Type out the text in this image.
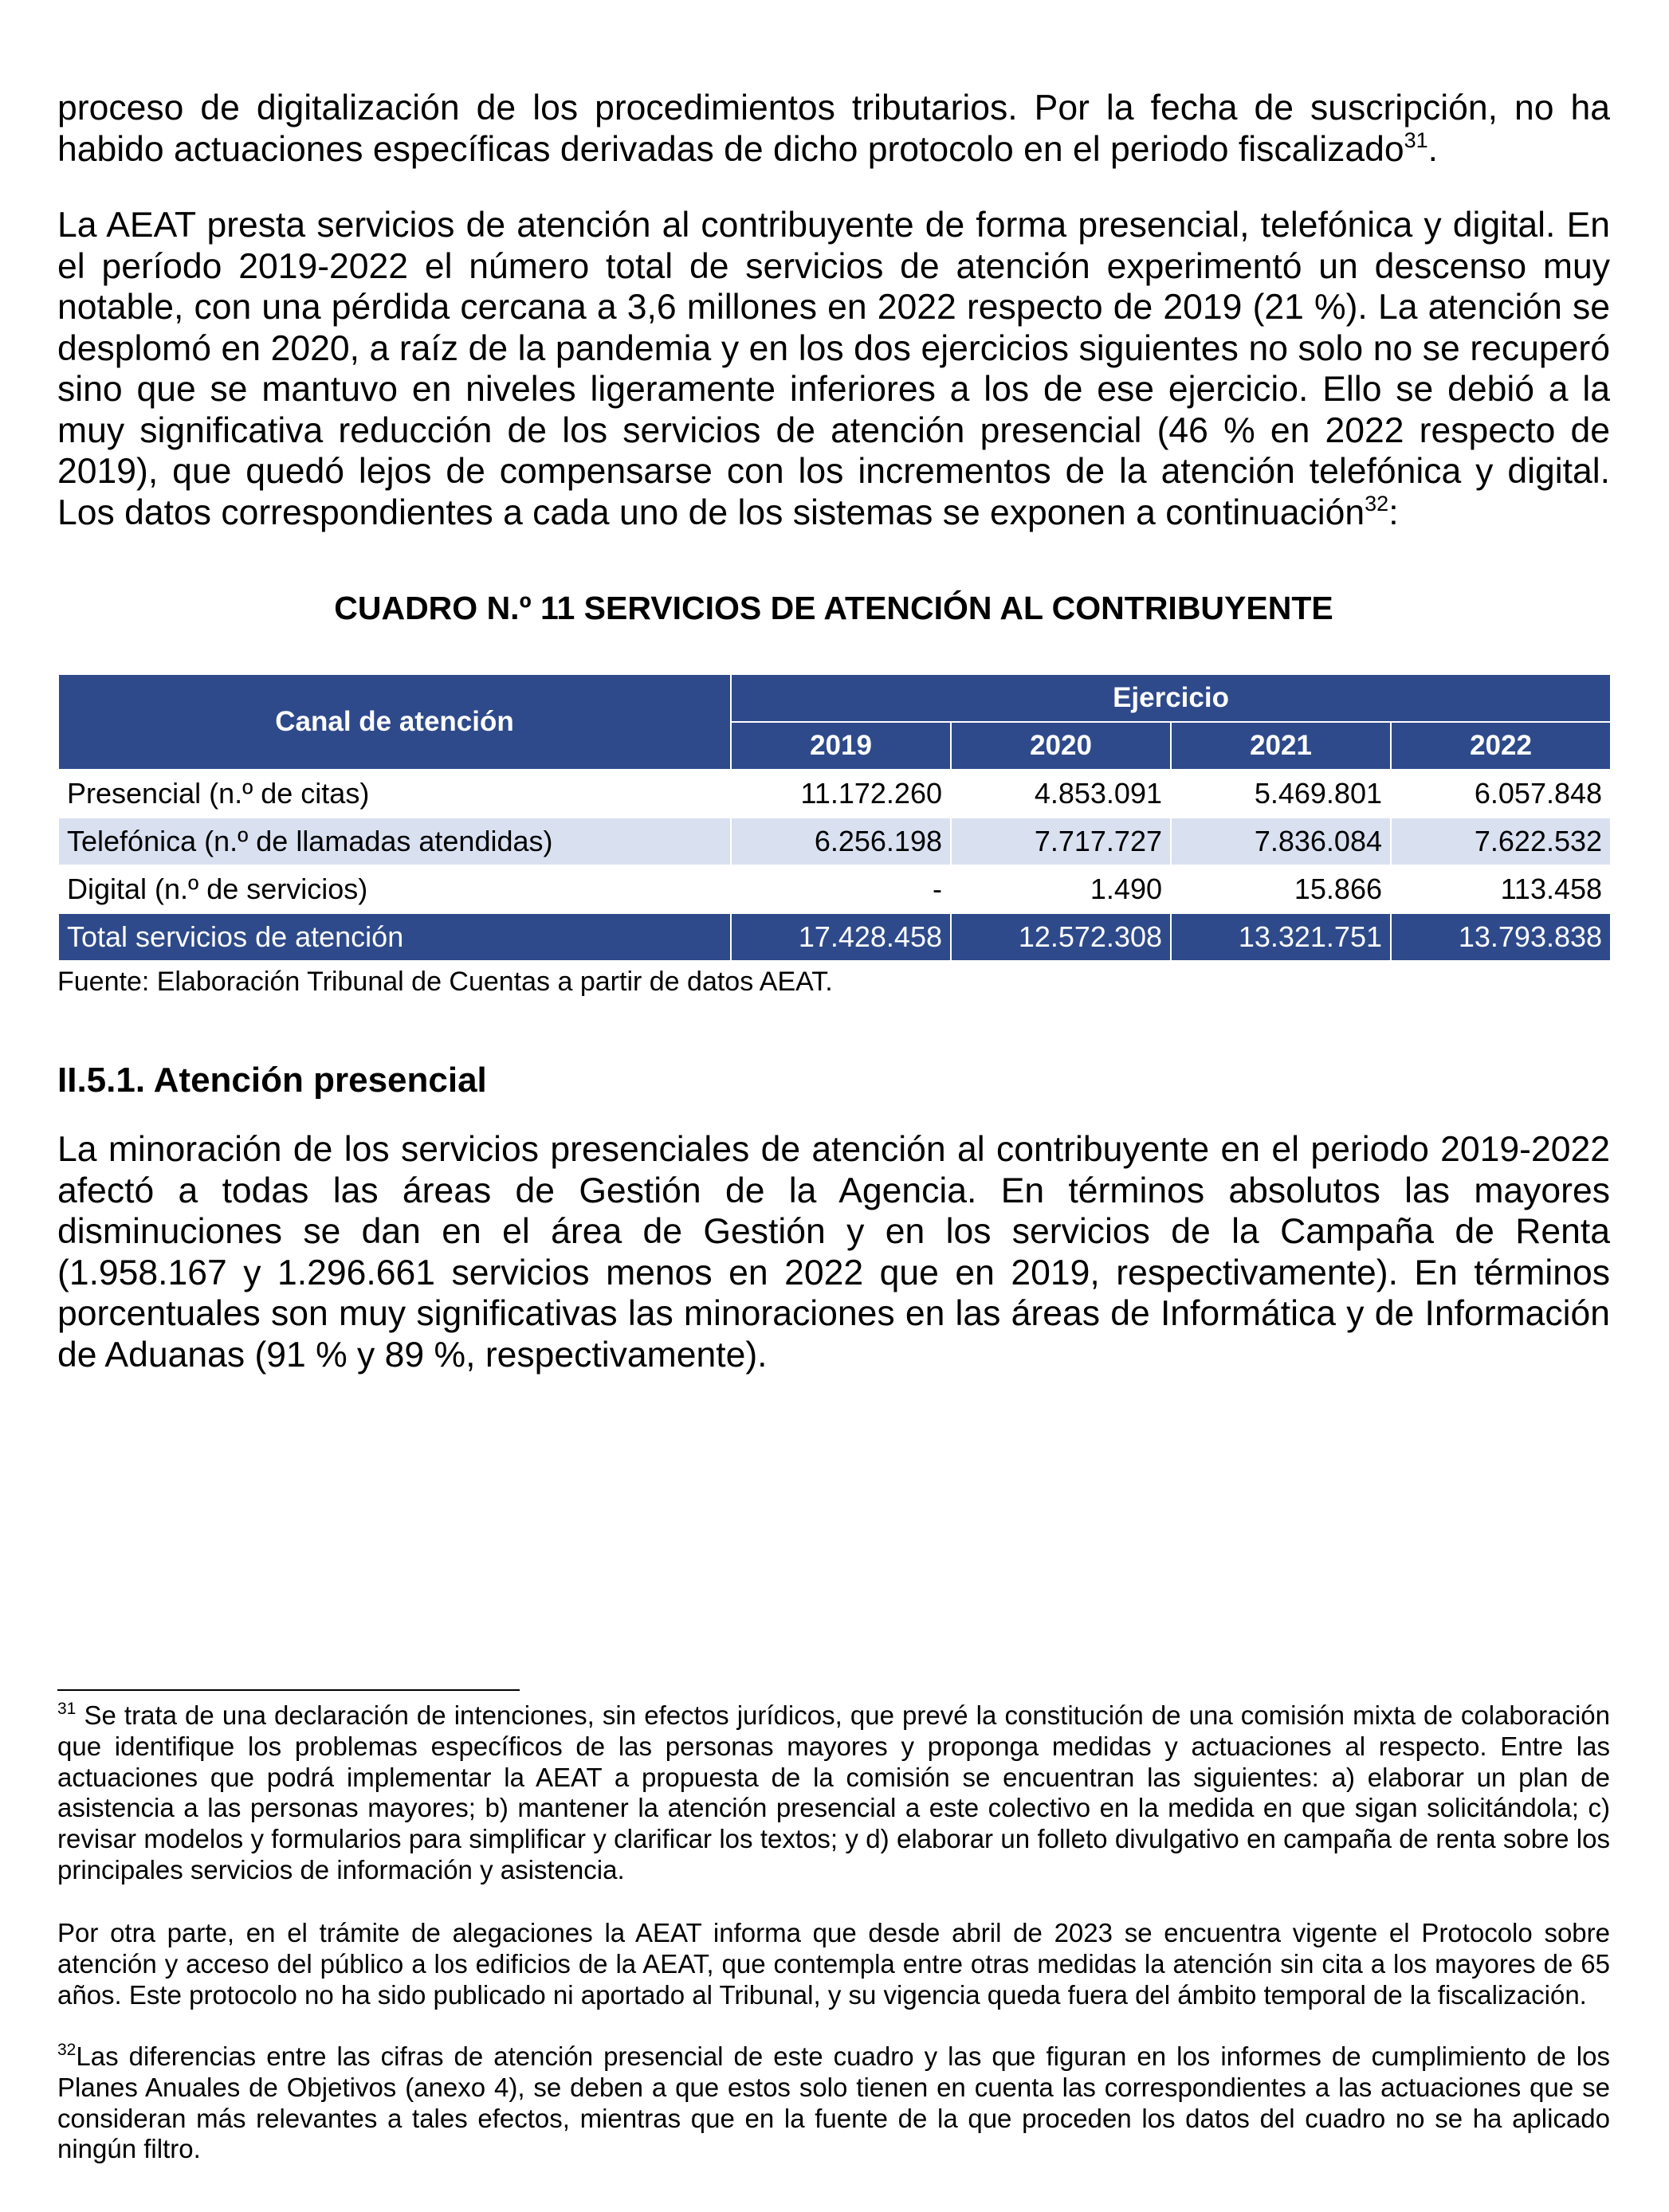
proceso de digitalización de los procedimientos tributarios. Por la fecha de suscripción, no ha habido actuaciones específicas derivadas de dicho protocolo en el periodo fiscalizado$^{31}$.

La AEAT presta servicios de atención al contribuyente de forma presencial, telefónica y digital. En el período 2019-2022 el número total de servicios de atención experimentó un descenso muy notable, con una pérdida cercana a 3,6 millones en 2022 respecto de 2019 (21 %). La atención se desplomó en 2020, a raíz de la pandemia y en los dos ejercicios siguientes no solo no se recuperó sino que se mantuvo en niveles ligeramente inferiores a los de ese ejercicio. Ello se debió a la muy significativa reducción de los servicios de atención presencial (46 % en 2022 respecto de 2019), que quedó lejos de compensarse con los incrementos de la atención telefónica y digital. Los datos correspondientes a cada uno de los sistemas se exponen a continuación$^{32}$:

CUADRO N.º 11 SERVICIOS DE ATENCIÓN AL CONTRIBUYENTE
Canal de atención	Ejercicio			
	2019	2020	2021	2022
Presencial (n.º de citas)	11.172.260	4.853.091	5.469.801	6.057.848
Telefónica (n.º de llamadas atendidas)	6.256.198	7.717.727	7.836.084	7.622.532
Digital (n.º de servicios)	-	1.490	15.866	113.458
Total servicios de atención	17.428.458	12.572.308	13.321.751	13.793.838
Fuente: Elaboración Tribunal de Cuentas a partir de datos AEAT.
II.5.1. Atención presencial

La minoración de los servicios presenciales de atención al contribuyente en el periodo 2019-2022 afectó a todas las áreas de Gestión de la Agencia. En términos absolutos las mayores disminuciones se dan en el área de Gestión y en los servicios de la Campaña de Renta (1.958.167 y 1.296.661 servicios menos en 2022 que en 2019, respectivamente). En términos porcentuales son muy significativas las minoraciones en las áreas de Informática y de Información de Aduanas (91 % y 89 %, respectivamente).

$^{31}$ Se trata de una declaración de intenciones, sin efectos jurídicos, que prevé la constitución de una comisión mixta de colaboración que identifique los problemas específicos de las personas mayores y proponga medidas y actuaciones al respecto. Entre las actuaciones que podrá implementar la AEAT a propuesta de la comisión se encuentran las siguientes: a) elaborar un plan de asistencia a las personas mayores; b) mantener la atención presencial a este colectivo en la medida en que sigan solicitándola; c) revisar modelos y formularios para simplificar y clarificar los textos; y d) elaborar un folleto divulgativo en campaña de renta sobre los principales servicios de información y asistencia.

Por otra parte, en el trámite de alegaciones la AEAT informa que desde abril de 2023 se encuentra vigente el Protocolo sobre atención y acceso del público a los edificios de la AEAT, que contempla entre otras medidas la atención sin cita a los mayores de 65 años. Este protocolo no ha sido publicado ni aportado al Tribunal, y su vigencia queda fuera del ámbito temporal de la fiscalización.

$^{32}$Las diferencias entre las cifras de atención presencial de este cuadro y las que figuran en los informes de cumplimiento de los Planes Anuales de Objetivos (anexo 4), se deben a que estos solo tienen en cuenta las correspondientes a las actuaciones que se consideran más relevantes a tales efectos, mientras que en la fuente de la que proceden los datos del cuadro no se ha aplicado ningún filtro.
